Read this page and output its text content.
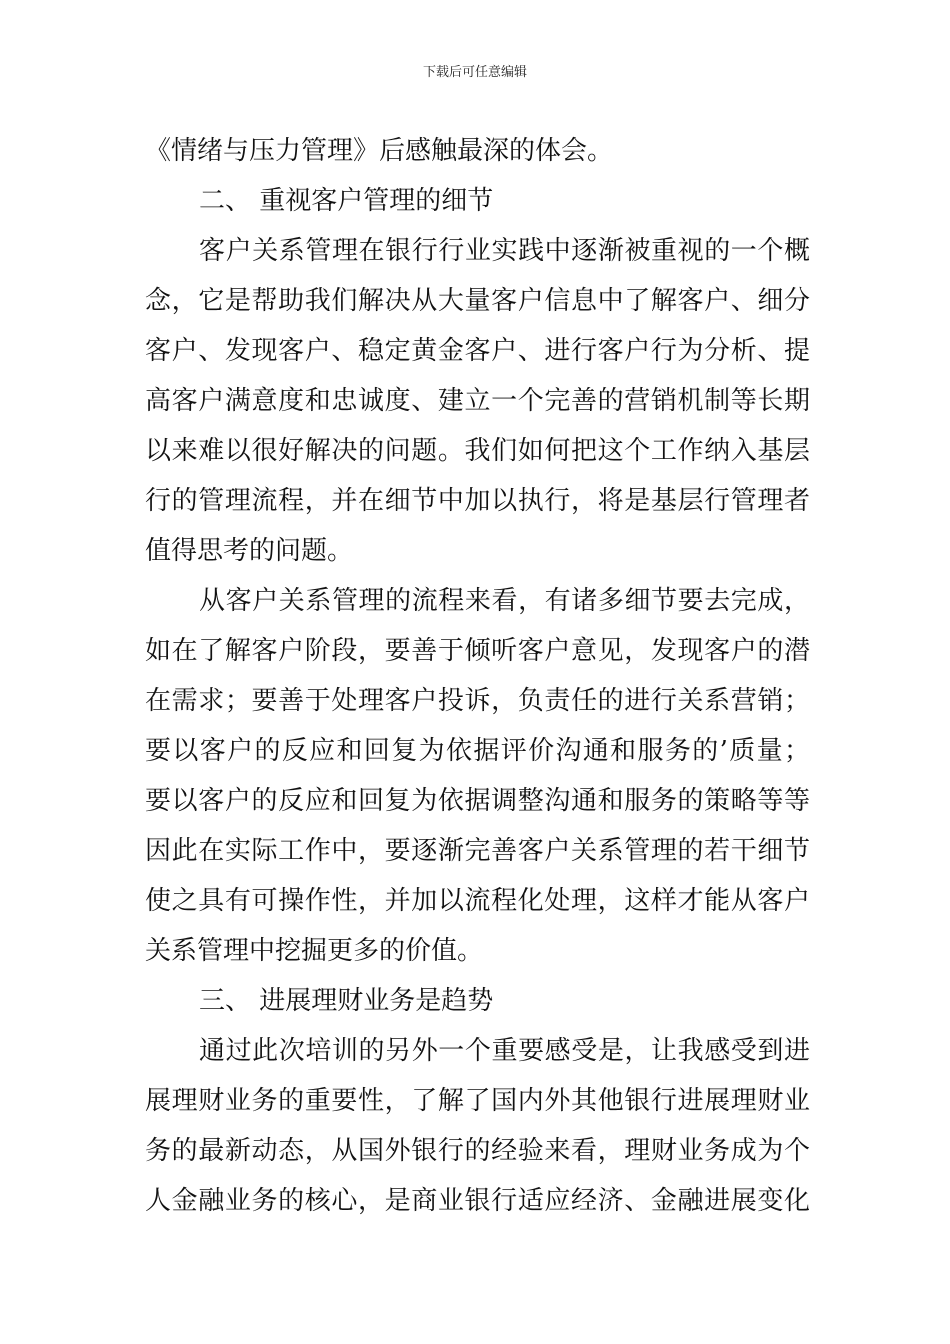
下载后可任意编辑
《情绪与压力管理》后感触最深的体会。
二、 重视客户管理的细节
客户关系管理在银行行业实践中逐渐被重视的一个概
念，它是帮助我们解决从大量客户信息中了解客户、细分
客户、发现客户、稳定黄金客户、进行客户行为分析、提
高客户满意度和忠诚度、建立一个完善的营销机制等长期
以来难以很好解决的问题。我们如何把这个工作纳入基层
行的管理流程，并在细节中加以执行，将是基层行管理者
值得思考的问题。
从客户关系管理的流程来看，有诸多细节要去完成，
如在了解客户阶段，要善于倾听客户意见，发现客户的潜
在需求；要善于处理客户投诉，负责任的进行关系营销；
要以客户的反应和回复为依据评价沟通和服务的’质量；
要以客户的反应和回复为依据调整沟通和服务的策略等等
因此在实际工作中，要逐渐完善客户关系管理的若干细节
使之具有可操作性，并加以流程化处理，这样才能从客户
关系管理中挖掘更多的价值。
三、 进展理财业务是趋势
通过此次培训的另外一个重要感受是，让我感受到进
展理财业务的重要性，了解了国内外其他银行进展理财业
务的最新动态，从国外银行的经验来看，理财业务成为个
人金融业务的核心，是商业银行适应经济、金融进展变化
